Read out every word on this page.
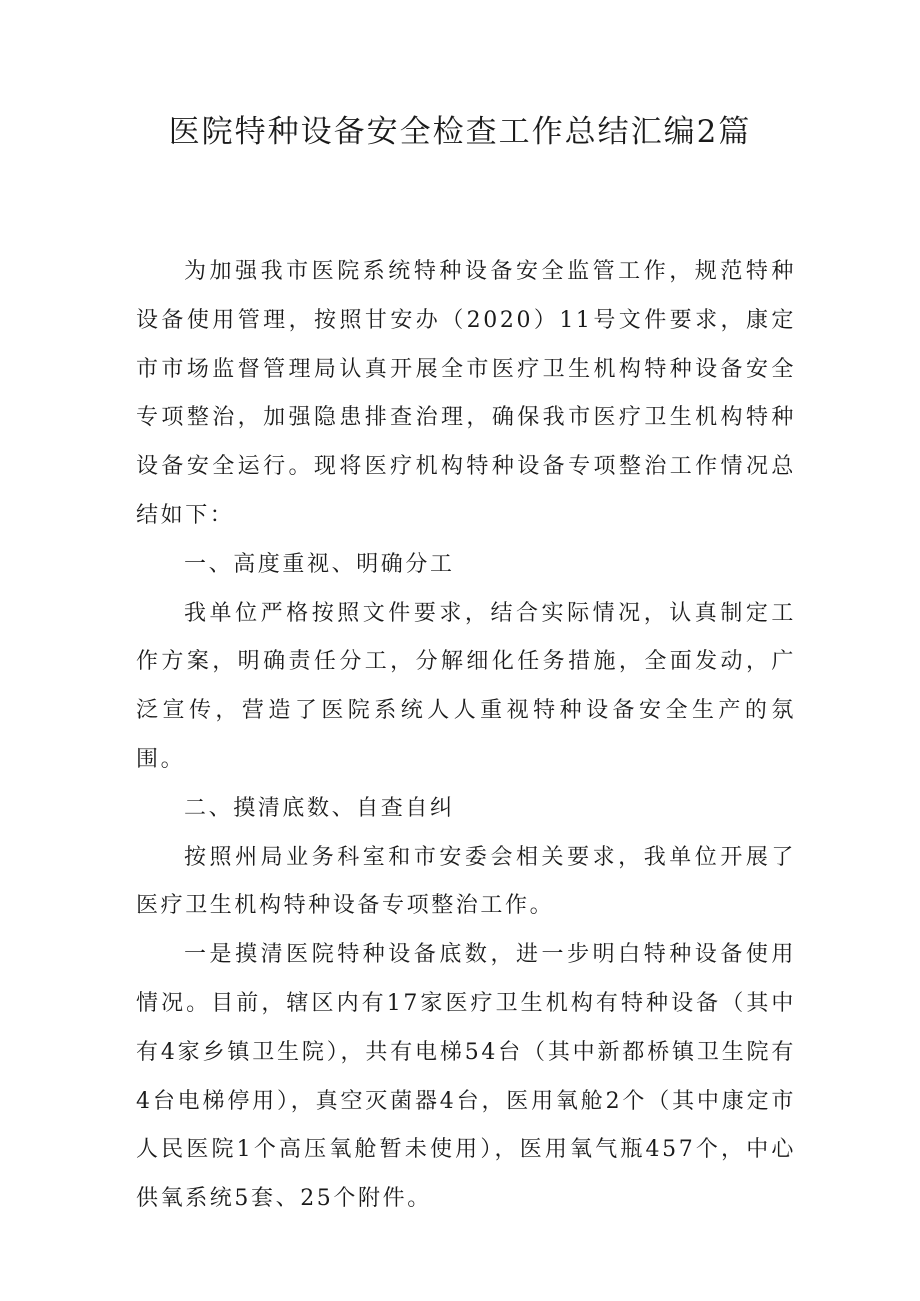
医院特种设备安全检查工作总结汇编2篇

为加强我市医院系统特种设备安全监管工作，规范特种设备使用管理，按照甘安办（2020）11号文件要求，康定市市场监督管理局认真开展全市医疗卫生机构特种设备安全专项整治，加强隐患排查治理，确保我市医疗卫生机构特种设备安全运行。现将医疗机构特种设备专项整治工作情况总结如下：

一、高度重视、明确分工

我单位严格按照文件要求，结合实际情况，认真制定工作方案，明确责任分工，分解细化任务措施，全面发动，广泛宣传，营造了医院系统人人重视特种设备安全生产的氛围。

二、摸清底数、自查自纠

按照州局业务科室和市安委会相关要求，我单位开展了医疗卫生机构特种设备专项整治工作。

一是摸清医院特种设备底数，进一步明白特种设备使用情况。目前，辖区内有17家医疗卫生机构有特种设备（其中有4家乡镇卫生院），共有电梯54台（其中新都桥镇卫生院有4台电梯停用），真空灭菌器4台，医用氧舱2个（其中康定市人民医院1个高压氧舱暂未使用），医用氧气瓶457个，中心供氧系统5套、25个附件。
